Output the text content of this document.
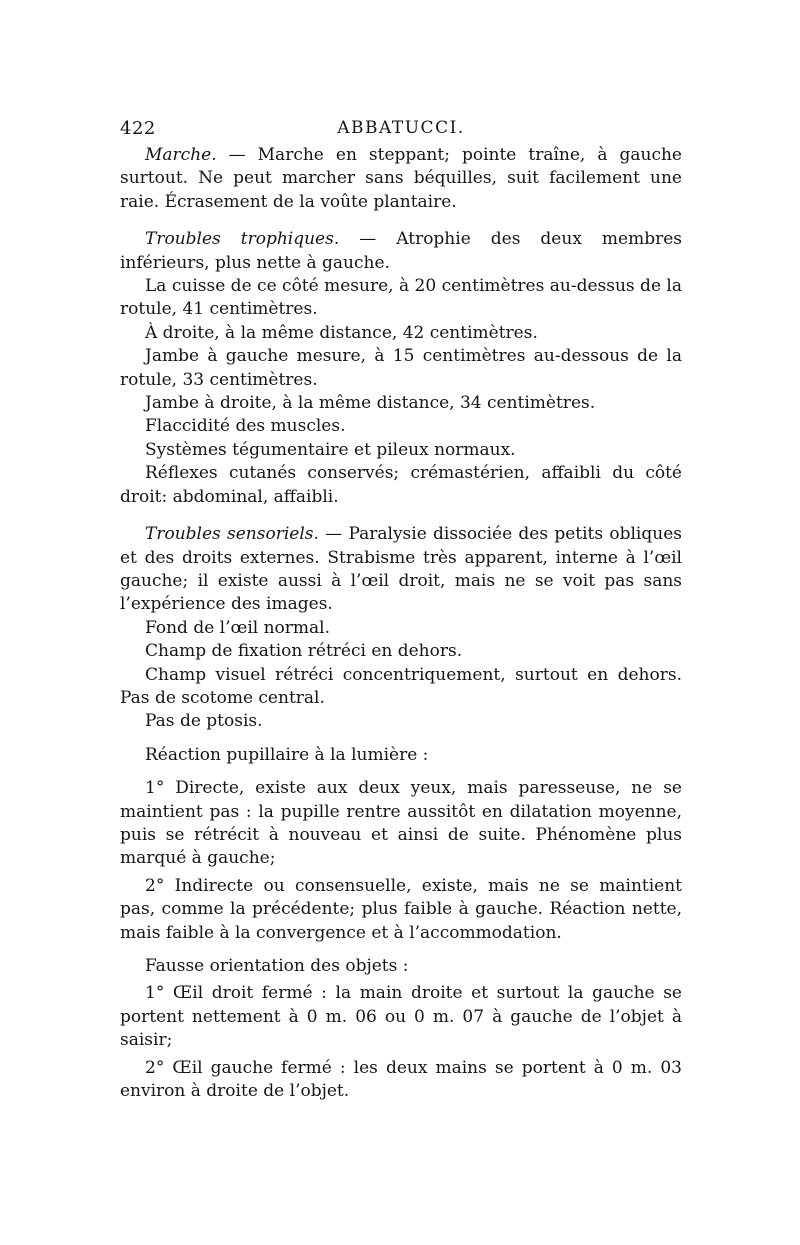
422	ABBATUCCI.

Marche. — Marche en steppant; pointe traîne, à gauche surtout. Ne peut marcher sans béquilles, suit facilement une raie. Écrasement de la voûte plantaire.

Troubles trophiques. — Atrophie des deux membres inférieurs, plus nette à gauche.

La cuisse de ce côté mesure, à 20 centimètres au-dessus de la rotule, 41 centimètres.

À droite, à la même distance, 42 centimètres.

Jambe à gauche mesure, à 15 centimètres au-dessous de la rotule, 33 centimètres.

Jambe à droite, à la même distance, 34 centimètres.

Flaccidité des muscles.

Systèmes tégumentaire et pileux normaux.

Réflexes cutanés conservés; crémastérien, affaibli du côté droit: abdominal, affaibli.

Troubles sensoriels. — Paralysie dissociée des petits obliques et des droits externes. Strabisme très apparent, interne à l’œil gauche; il existe aussi à l’œil droit, mais ne se voit pas sans l’expérience des images.

Fond de l’œil normal.

Champ de fixation rétréci en dehors.

Champ visuel rétréci concentriquement, surtout en dehors. Pas de scotome central.

Pas de ptosis.

Réaction pupillaire à la lumière :

1° Directe, existe aux deux yeux, mais paresseuse, ne se maintient pas : la pupille rentre aussitôt en dilatation moyenne, puis se rétrécit à nouveau et ainsi de suite. Phénomène plus marqué à gauche;

2° Indirecte ou consensuelle, existe, mais ne se maintient pas, comme la précédente; plus faible à gauche. Réaction nette, mais faible à la convergence et à l’accommodation.

Fausse orientation des objets :

1° Œil droit fermé : la main droite et surtout la gauche se portent nettement à 0 m. 06 ou 0 m. 07 à gauche de l’objet à saisir;

2° Œil gauche fermé : les deux mains se portent à 0 m. 03 environ à droite de l’objet.
